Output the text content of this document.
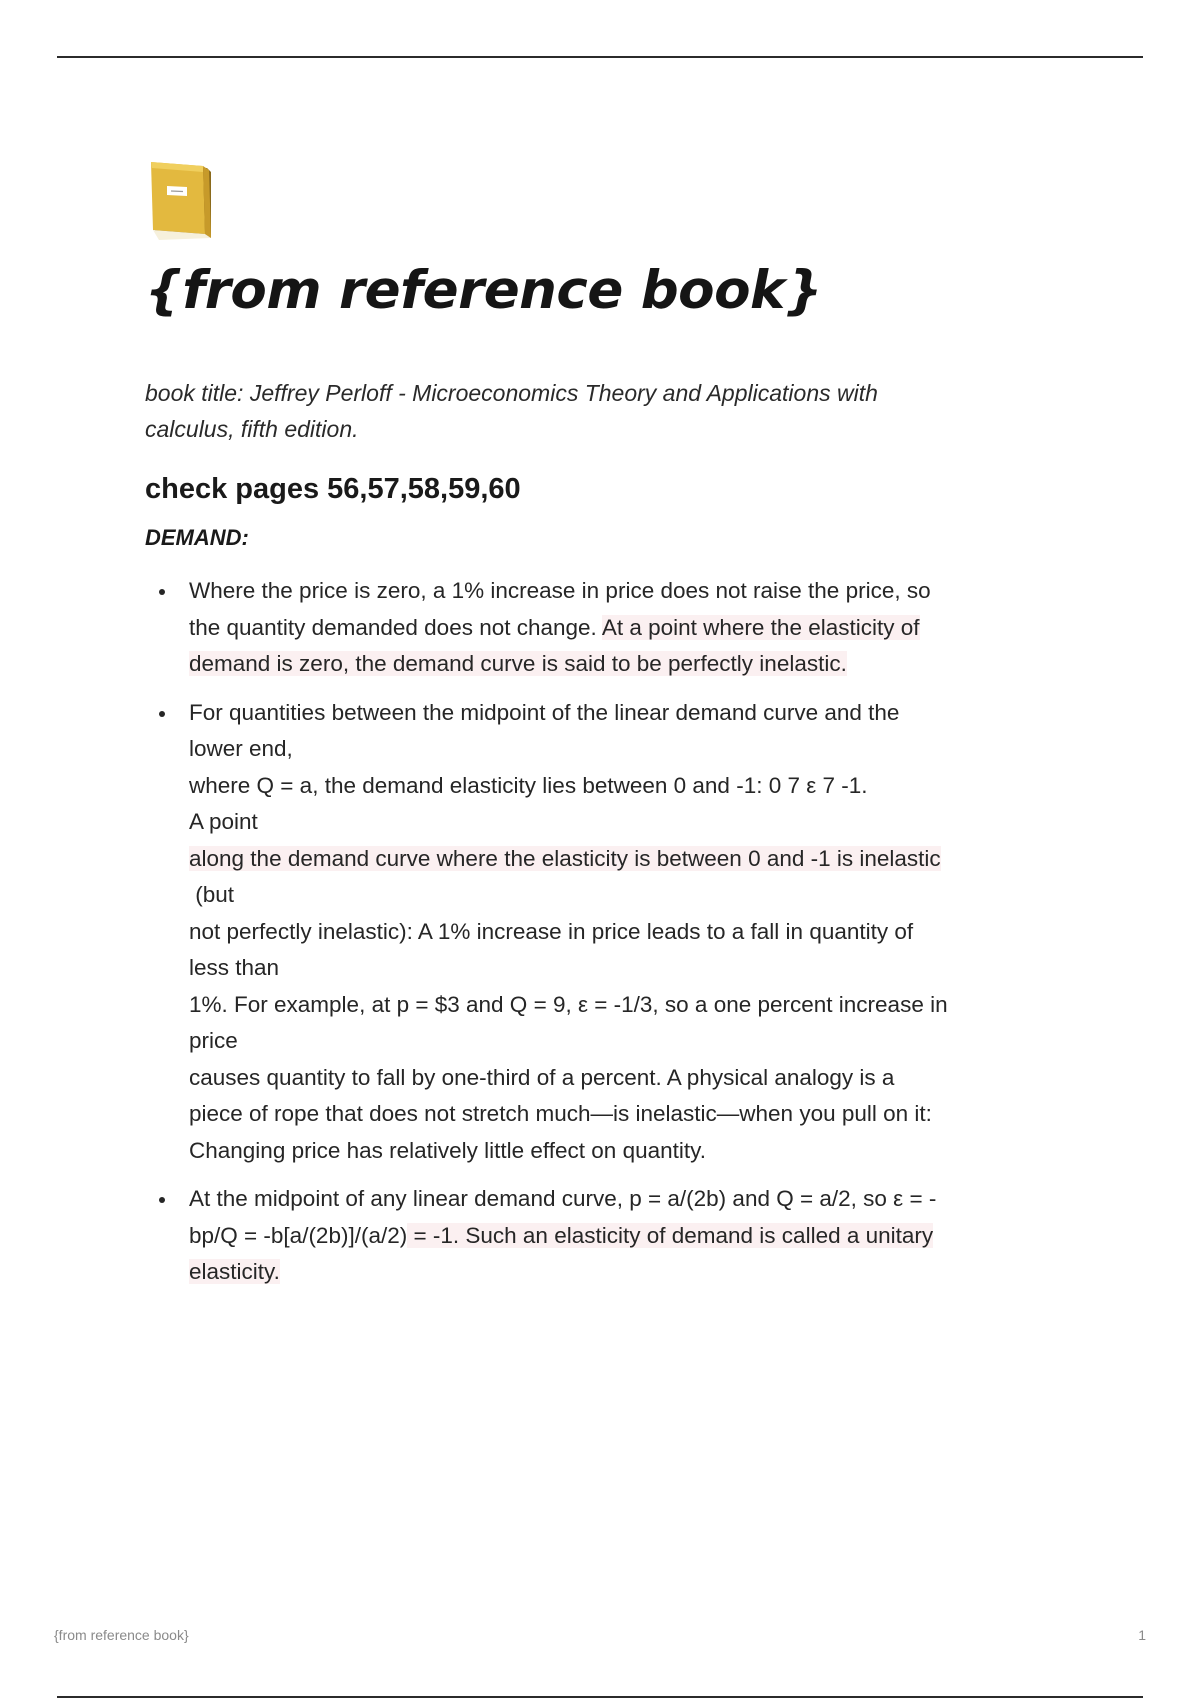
{from reference book}

book title: Jeffrey Perloff - Microeconomics Theory and Applications with
calculus, fifth edition.

check pages 56,57,58,59,60
DEMAND:
Where the price is zero, a 1% increase in price does not raise the price, so
the quantity demanded does not change. At a point where the elasticity of
demand is zero, the demand curve is said to be perfectly inelastic.
For quantities between the midpoint of the linear demand curve and the
lower end,
where Q = a, the demand elasticity lies between 0 and -1: 0 7 ε 7 -1.
A point
along the demand curve where the elasticity is between 0 and -1 is inelastic
(but
not perfectly inelastic): A 1% increase in price leads to a fall in quantity of
less than
1%. For example, at p = $3 and Q = 9, ε = -1/3, so a one percent increase in
price
causes quantity to fall by one-third of a percent. A physical analogy is a
piece of rope that does not stretch much—is inelastic—when you pull on it:
Changing price has relatively little effect on quantity.
At the midpoint of any linear demand curve, p = a/(2b) and Q = a/2, so ε = -
bp/Q = -b[a/(2b)]/(a/2) = -1. Such an elasticity of demand is called a unitary
elasticity.
{from reference book}	1
